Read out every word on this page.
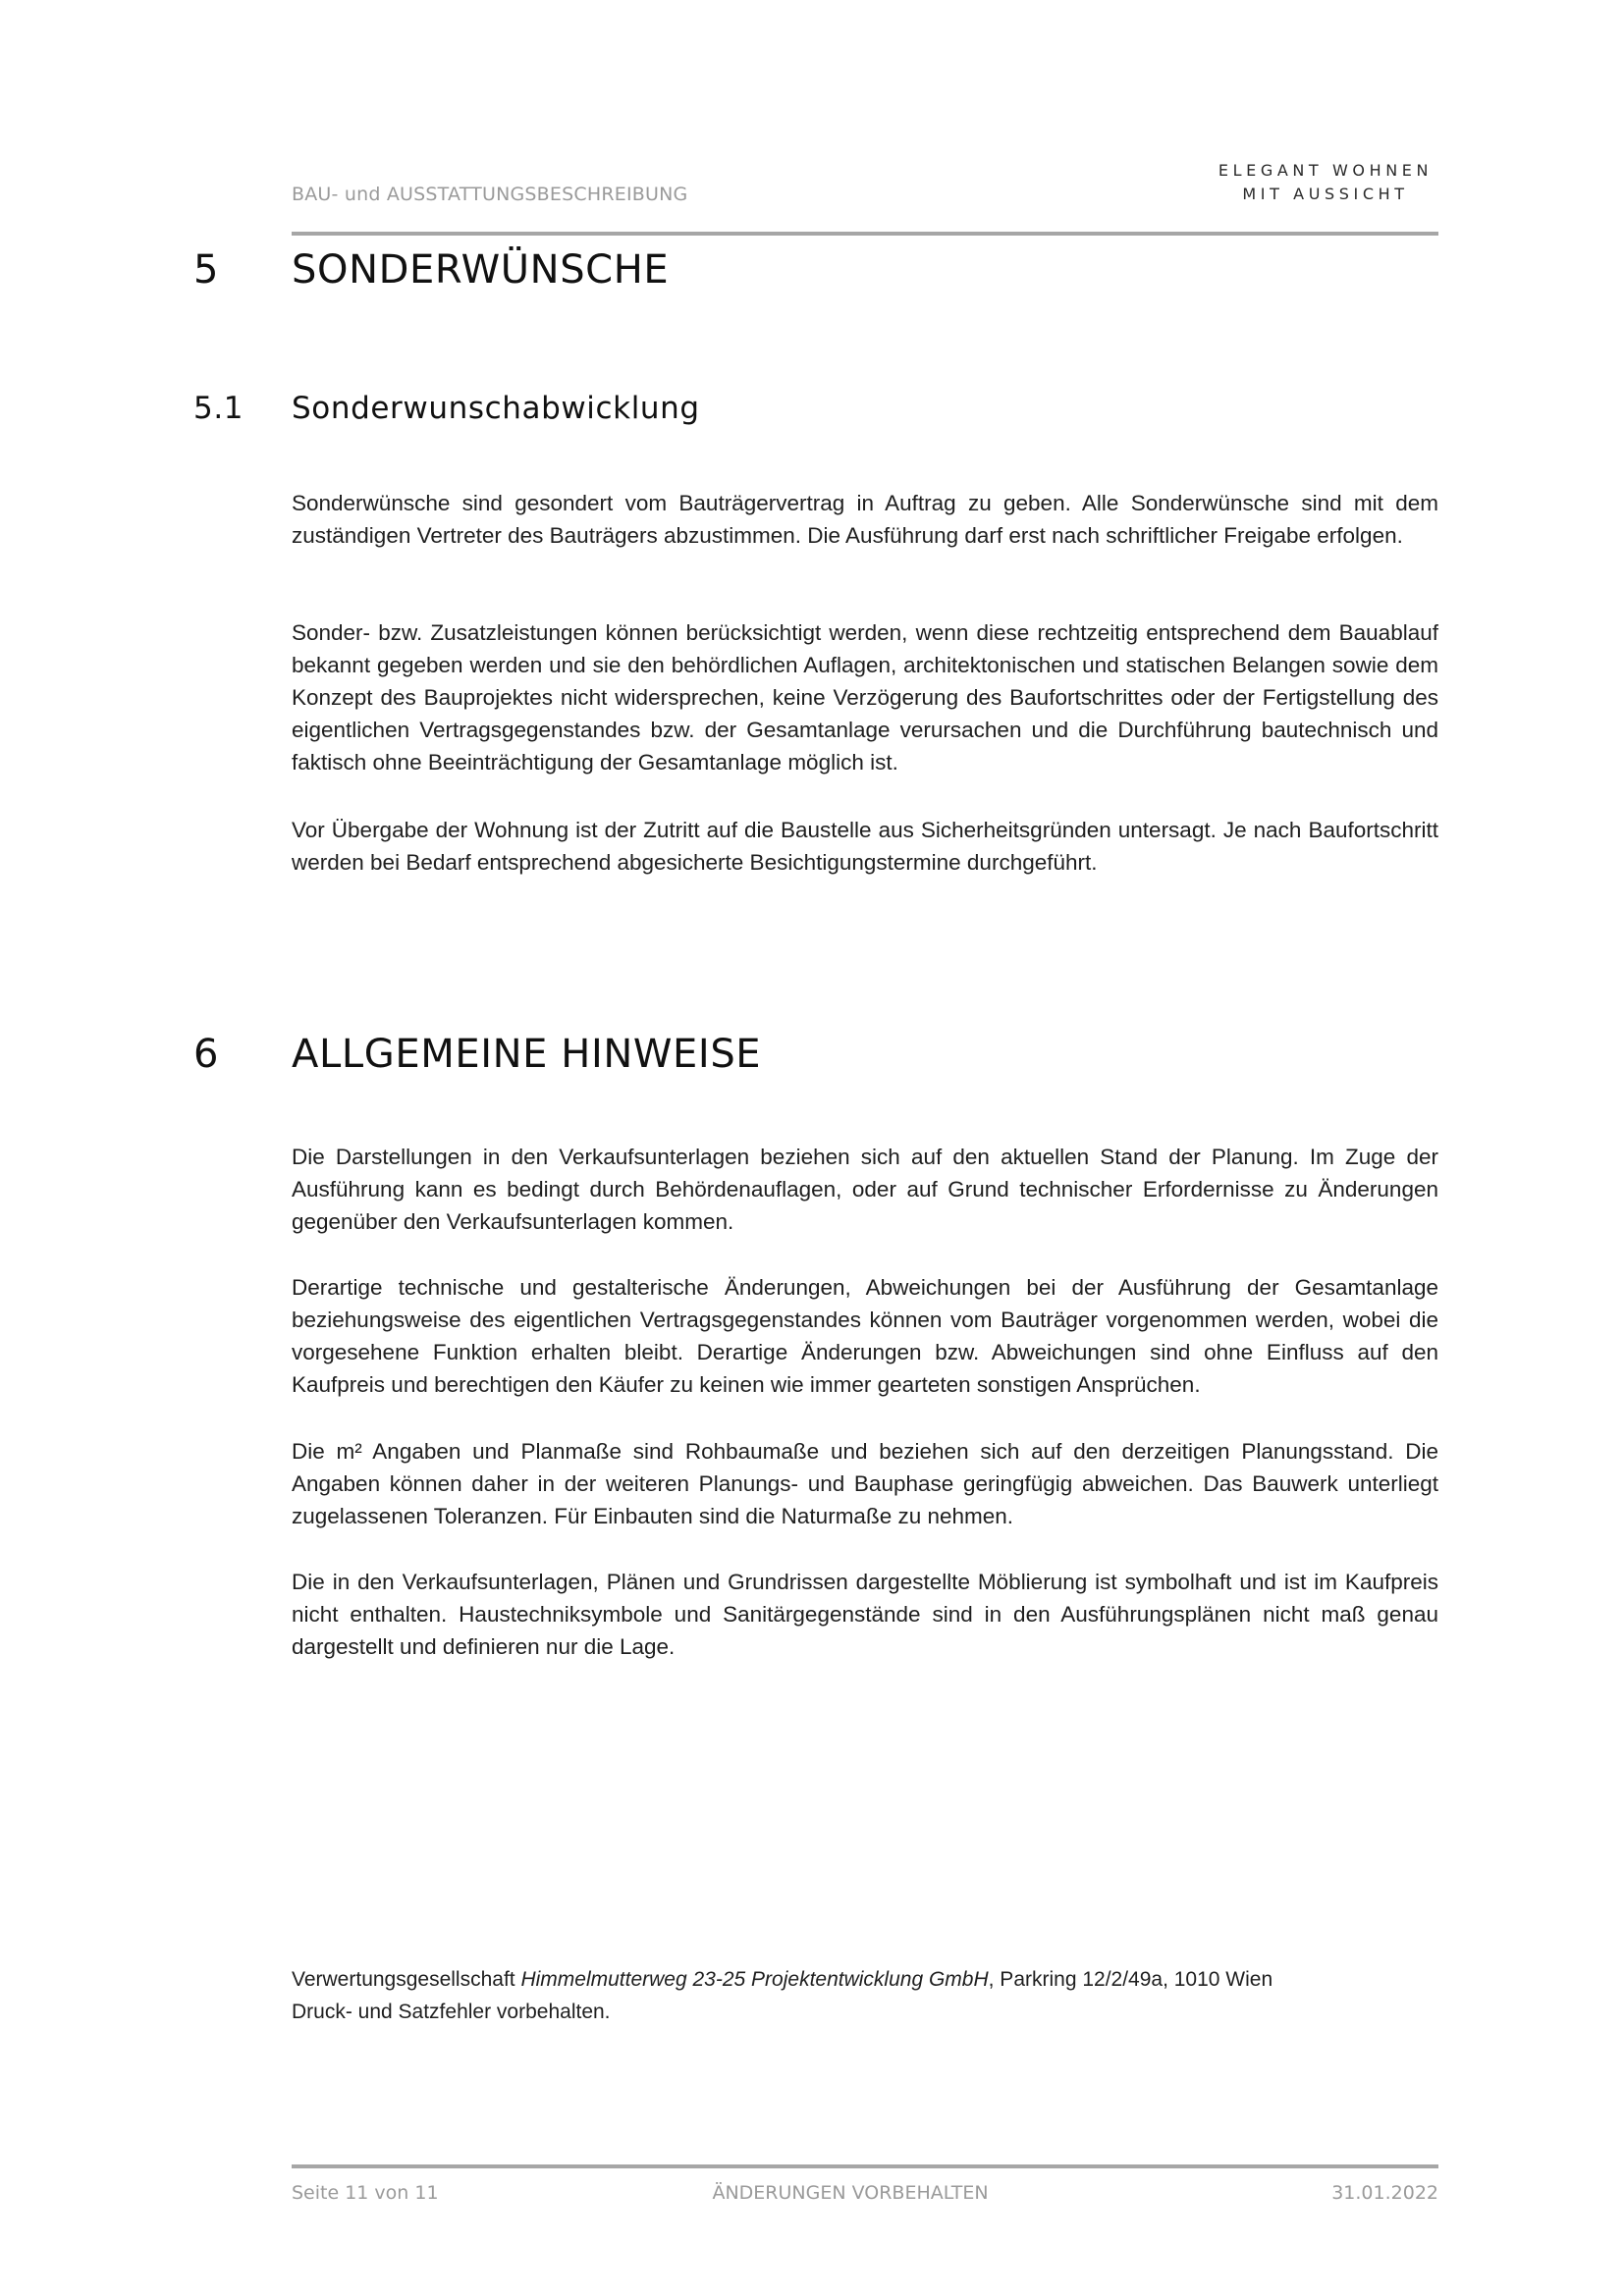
BAU- und AUSSTATTUNGSBESCHREIBUNG
ELEGANT WOHNEN
MIT AUSSICHT
5 SONDERWÜNSCHE
5.1 Sonderwunschabwicklung

Sonderwünsche sind gesondert vom Bauträgervertrag in Auftrag zu geben. Alle Sonderwünsche sind mit dem zuständigen Vertreter des Bauträgers abzustimmen. Die Ausführung darf erst nach schriftlicher Freigabe erfolgen.

Sonder- bzw. Zusatzleistungen können berücksichtigt werden, wenn diese rechtzeitig entsprechend dem Bauablauf bekannt gegeben werden und sie den behördlichen Auflagen, architektonischen und statischen Belangen sowie dem Konzept des Bauprojektes nicht widersprechen, keine Verzögerung des Baufortschrittes oder der Fertigstellung des eigentlichen Vertragsgegenstandes bzw. der Gesamtanlage verursachen und die Durchführung bautechnisch und faktisch ohne Beeinträchtigung der Gesamtanlage möglich ist.

Vor Übergabe der Wohnung ist der Zutritt auf die Baustelle aus Sicherheitsgründen untersagt. Je nach Baufortschritt werden bei Bedarf entsprechend abgesicherte Besichtigungstermine durchgeführt.

6 ALLGEMEINE HINWEISE

Die Darstellungen in den Verkaufsunterlagen beziehen sich auf den aktuellen Stand der Planung. Im Zuge der Ausführung kann es bedingt durch Behördenauflagen, oder auf Grund technischer Erfordernisse zu Änderungen gegenüber den Verkaufsunterlagen kommen.

Derartige technische und gestalterische Änderungen, Abweichungen bei der Ausführung der Gesamtanlage beziehungsweise des eigentlichen Vertragsgegenstandes können vom Bauträger vorgenommen werden, wobei die vorgesehene Funktion erhalten bleibt. Derartige Änderungen bzw. Abweichungen sind ohne Einfluss auf den Kaufpreis und berechtigen den Käufer zu keinen wie immer gearteten sonstigen Ansprüchen.

Die m² Angaben und Planmaße sind Rohbaumaße und beziehen sich auf den derzeitigen Planungsstand. Die Angaben können daher in der weiteren Planungs- und Bauphase geringfügig abweichen. Das Bauwerk unterliegt zugelassenen Toleranzen. Für Einbauten sind die Naturmaße zu nehmen.

Die in den Verkaufsunterlagen, Plänen und Grundrissen dargestellte Möblierung ist symbolhaft und ist im Kaufpreis nicht enthalten. Haustechniksymbole und Sanitärgegenstände sind in den Ausführungsplänen nicht maß genau dargestellt und definieren nur die Lage.

Verwertungsgesellschaft Himmelmutterweg 23-25 Projektentwicklung GmbH, Parkring 12/2/49a, 1010 Wien
Druck- und Satzfehler vorbehalten.
Seite 11 von 11	ÄNDERUNGEN VORBEHALTEN	31.01.2022
